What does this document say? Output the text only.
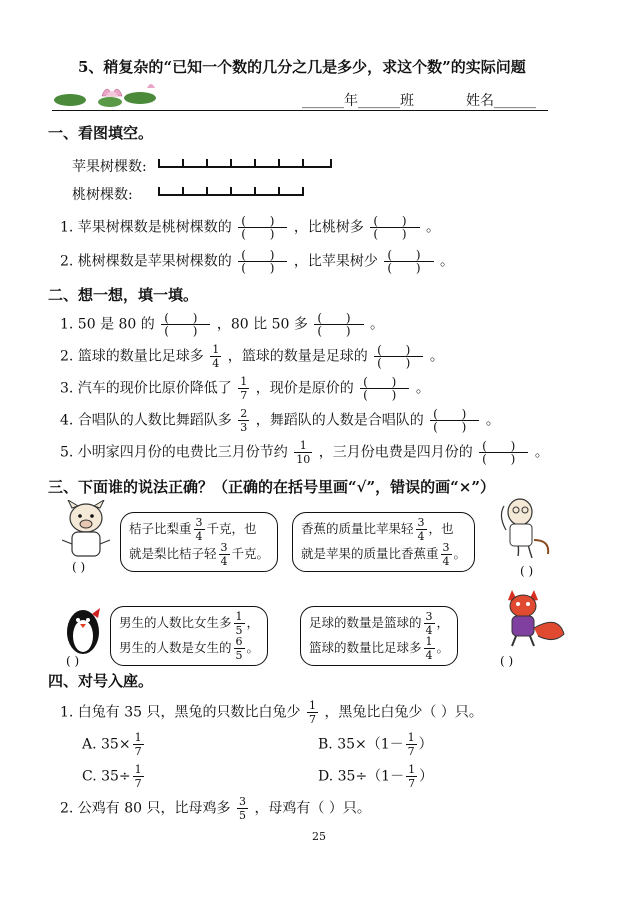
5、稍复杂的“已知一个数的几分之几是多少，求这个数”的实际问题
______年______班	姓名______
一、看图填空。
苹果树棵数:
桃树棵数:
1. 苹果树棵数是桃树棵数的 ( )
( ) ，比桃树多 ( )
( ) 。
2. 桃树棵数是苹果树棵数的 ( )
( ) ，比苹果树少 ( )
( ) 。
二、想一想，填一填。
1. 50 是 80 的 ( )
( ) ，80 比 50 多 ( )
( ) 。
2. 篮球的数量比足球多 $\frac{1}{4}$ ，篮球的数量是足球的 ( )
( ) 。
3. 汽车的现价比原价降低了 $\frac{1}{7}$ ，现价是原价的 ( )
( ) 。
4. 合唱队的人数比舞蹈队多 $\frac{2}{3}$ ，舞蹈队的人数是合唱队的 ( )
( ) 。
5. 小明家四月份的电费比三月份节约 $\frac{1}{10}$ ，三月份电费是四月份的 ( )
( ) 。
三、下面谁的说法正确？（正确的在括号里画“√”，错误的画“×”）
桔子比梨重 $\frac{3}{4}$ 千克，也
就是梨比桔子轻 $\frac{3}{4}$ 千克。
( )
香蕉的质量比苹果轻 $\frac{3}{4}$ ，也
就是苹果的质量比香蕉重 $\frac{3}{4}$ 。
( )
男生的人数比女生多 $\frac{1}{5}$ ，
男生的人数是女生的 $\frac{6}{5}$ 。
( )
足球的数量是篮球的 $\frac{3}{4}$ ，
篮球的数量比足球多 $\frac{1}{4}$ 。
( )
四、对号入座。
1. 白兔有 35 只，黑兔的只数比白兔少 $\frac{1}{7}$ ，黑兔比白兔少（ ）只。
A. $35\times \frac{1}{7}$	B. $35\times(1- \frac{1}{7}$ ）
C. $35\div \frac{1}{7}$	D. $35\div(1- \frac{1}{7}$ ）
2. 公鸡有 80 只，比母鸡多 $\frac{3}{5}$ ，母鸡有（ ）只。
25
